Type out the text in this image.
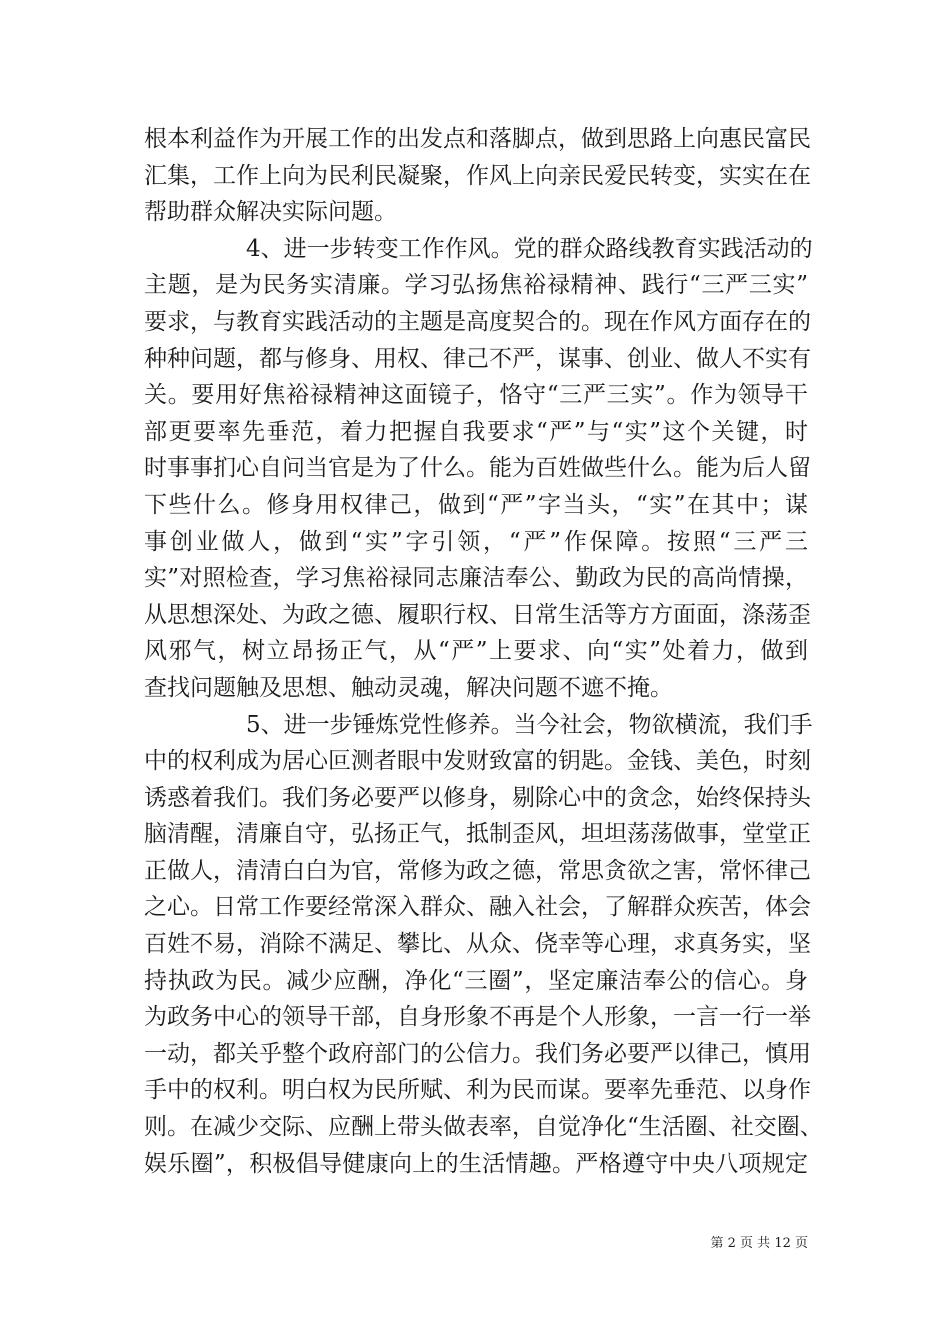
根本利益作为开展工作的出发点和落脚点，做到思路上向惠民富民
汇集，工作上向为民利民凝聚，作风上向亲民爱民转变，实实在在
帮助群众解决实际问题。
4、进一步转变工作作风。党的群众路线教育实践活动的
主题，是为民务实清廉。学习弘扬焦裕禄精神、践行“三严三实”
要求，与教育实践活动的主题是高度契合的。现在作风方面存在的
种种问题，都与修身、用权、律己不严，谋事、创业、做人不实有
关。要用好焦裕禄精神这面镜子，恪守“三严三实”。作为领导干
部更要率先垂范，着力把握自我要求“严”与“实”这个关键，时
时事事扪心自问当官是为了什么。能为百姓做些什么。能为后人留
下些什么。修身用权律己，做到“严”字当头，“实”在其中；谋
事创业做人，做到“实”字引领，“严”作保障。按照“三严三
实”对照检查，学习焦裕禄同志廉洁奉公、勤政为民的高尚情操，
从思想深处、为政之德、履职行权、日常生活等方方面面，涤荡歪
风邪气，树立昂扬正气，从“严”上要求、向“实”处着力，做到
查找问题触及思想、触动灵魂，解决问题不遮不掩。
5、进一步锤炼党性修养。当今社会，物欲横流，我们手
中的权利成为居心叵测者眼中发财致富的钥匙。金钱、美色，时刻
诱惑着我们。我们务必要严以修身，剔除心中的贪念，始终保持头
脑清醒，清廉自守，弘扬正气，抵制歪风，坦坦荡荡做事，堂堂正
正做人，清清白白为官，常修为政之德，常思贪欲之害，常怀律己
之心。日常工作要经常深入群众、融入社会，了解群众疾苦，体会
百姓不易，消除不满足、攀比、从众、侥幸等心理，求真务实，坚
持执政为民。减少应酬，净化“三圈”，坚定廉洁奉公的信心。身
为政务中心的领导干部，自身形象不再是个人形象，一言一行一举
一动，都关乎整个政府部门的公信力。我们务必要严以律己，慎用
手中的权利。明白权为民所赋、利为民而谋。要率先垂范、以身作
则。在减少交际、应酬上带头做表率，自觉净化“生活圈、社交圈、
娱乐圈”，积极倡导健康向上的生活情趣。严格遵守中央八项规定
第 2 页 共 12 页
